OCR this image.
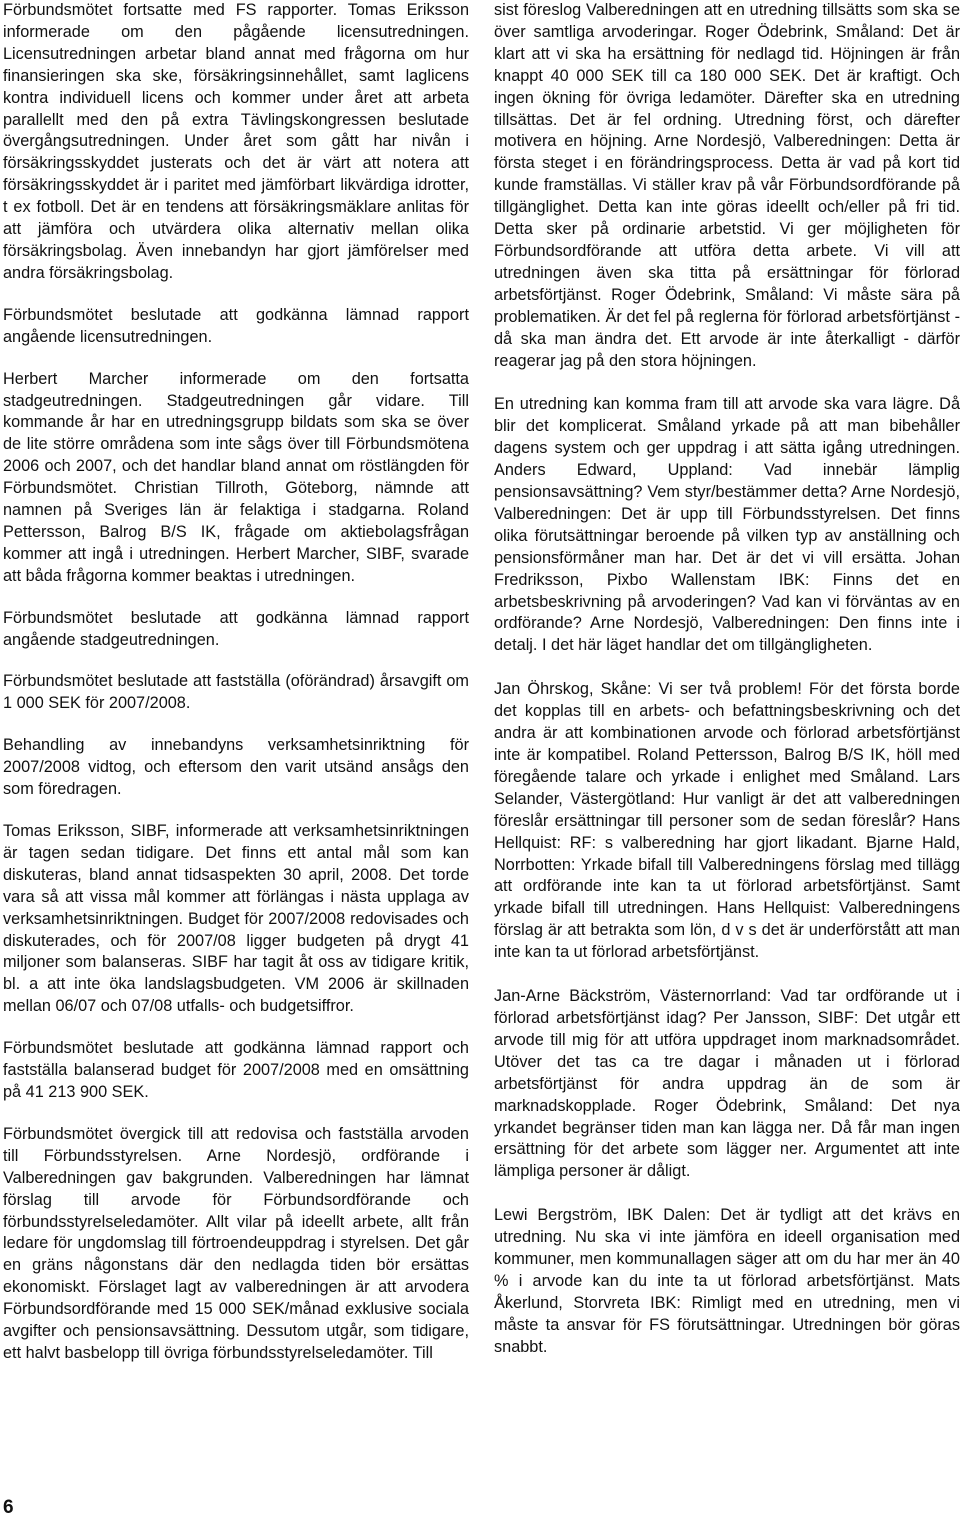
Förbundsmötet fortsatte med FS rapporter. Tomas Eriksson informerade om den pågående licensutredningen. Licensutredningen arbetar bland annat med frågorna om hur finansieringen ska ske, försäkringsinnehållet, samt laglicens kontra individuell licens och kommer under året att arbeta parallellt med den på extra Tävlingskongressen beslutade övergångsutredningen. Under året som gått har nivån i försäkringsskyddet justerats och det är värt att notera att försäkringsskyddet är i paritet med jämförbart likvärdiga idrotter, t ex fotboll. Det är en tendens att försäkringsmäklare anlitas för att jämföra och utvärdera olika alternativ mellan olika försäkringsbolag. Även innebandyn har gjort jämförelser med andra försäkringsbolag.

Förbundsmötet beslutade att godkänna lämnad rapport angående licensutredningen.

Herbert Marcher informerade om den fortsatta stadgeutredningen. Stadgeutredningen går vidare. Till kommande år har en utredningsgrupp bildats som ska se över de lite större områdena som inte sågs över till Förbundsmötena 2006 och 2007, och det handlar bland annat om röstlängden för Förbundsmötet. Christian Tillroth, Göteborg, nämnde att namnen på Sveriges län är felaktiga i stadgarna. Roland Pettersson, Balrog B/S IK, frågade om aktiebolagsfrågan kommer att ingå i utredningen. Herbert Marcher, SIBF, svarade att båda frågorna kommer beaktas i utredningen.

Förbundsmötet beslutade att godkänna lämnad rapport angående stadgeutredningen.

Förbundsmötet beslutade att fastställa (oförändrad) årsavgift om 1 000 SEK för 2007/2008.

Behandling av innebandyns verksamhetsinriktning för 2007/2008 vidtog, och eftersom den varit utsänd ansågs den som föredragen.

Tomas Eriksson, SIBF, informerade att verksamhetsinriktningen är tagen sedan tidigare. Det finns ett antal mål som kan diskuteras, bland annat tidsaspekten 30 april, 2008. Det torde vara så att vissa mål kommer att förlängas i nästa upplaga av verksamhetsinriktningen. Budget för 2007/2008 redovisades och diskuterades, och för 2007/08 ligger budgeten på drygt 41 miljoner som balanseras. SIBF har tagit åt oss av tidigare kritik, bl. a att inte öka landslagsbudgeten. VM 2006 är skillnaden mellan 06/07 och 07/08 utfalls- och budgetsiffror.

Förbundsmötet beslutade att godkänna lämnad rapport och fastställa balanserad budget för 2007/2008 med en omsättning på 41 213 900 SEK.

Förbundsmötet övergick till att redovisa och fastställa arvoden till Förbundsstyrelsen. Arne Nordesjö, ordförande i Valberedningen gav bakgrunden. Valberedningen har lämnat förslag till arvode för Förbundsordförande och förbundsstyrelseledamöter. Allt vilar på ideellt arbete, allt från ledare för ungdomslag till förtroendeuppdrag i styrelsen. Det går en gräns någonstans där den nedlagda tiden bör ersättas ekonomiskt. Förslaget lagt av valberedningen är att arvodera Förbundsordförande med 15 000 SEK/månad exklusive sociala avgifter och pensionsavsättning. Dessutom utgår, som tidigare, ett halvt basbelopp till övriga förbundsstyrelseledamöter. Till

sist föreslog Valberedningen att en utredning tillsätts som ska se över samtliga arvoderingar. Roger Ödebrink, Småland: Det är klart att vi ska ha ersättning för nedlagd tid. Höjningen är från knappt 40 000 SEK till ca 180 000 SEK. Det är kraftigt. Och ingen ökning för övriga ledamöter. Därefter ska en utredning tillsättas. Det är fel ordning. Utredning först, och därefter motivera en höjning. Arne Nordesjö, Valberedningen: Detta är första steget i en förändringsprocess. Detta är vad på kort tid kunde framställas. Vi ställer krav på vår Förbundsordförande på tillgänglighet. Detta kan inte göras ideellt och/eller på fri tid. Detta sker på ordinarie arbetstid. Vi ger möjligheten för Förbundsordförande att utföra detta arbete. Vi vill att utredningen även ska titta på ersättningar för förlorad arbetsförtjänst. Roger Ödebrink, Småland: Vi måste sära på problematiken. Är det fel på reglerna för förlorad arbetsförtjänst - då ska man ändra det. Ett arvode är inte återkalligt - därför reagerar jag på den stora höjningen.

En utredning kan komma fram till att arvode ska vara lägre. Då blir det komplicerat. Småland yrkade på att man bibehåller dagens system och ger uppdrag i att sätta igång utredningen. Anders Edward, Uppland: Vad innebär lämplig pensionsavsättning? Vem styr/bestämmer detta? Arne Nordesjö, Valberedningen: Det är upp till Förbundsstyrelsen. Det finns olika förutsättningar beroende på vilken typ av anställning och pensionsförmåner man har. Det är det vi vill ersätta. Johan Fredriksson, Pixbo Wallenstam IBK: Finns det en arbetsbeskrivning på arvoderingen? Vad kan vi förväntas av en ordförande? Arne Nordesjö, Valberedningen: Den finns inte i detalj. I det här läget handlar det om tillgängligheten.

Jan Öhrskog, Skåne: Vi ser två problem! För det första borde det kopplas till en arbets- och befattningsbeskrivning och det andra är att kombinationen arvode och förlorad arbetsförtjänst inte är kompatibel. Roland Pettersson, Balrog B/S IK, höll med föregående talare och yrkade i enlighet med Småland. Lars Selander, Västergötland: Hur vanligt är det att valberedningen föreslår ersättningar till personer som de sedan föreslår? Hans Hellquist: RF: s valberedning har gjort likadant. Bjarne Hald, Norrbotten: Yrkade bifall till Valberedningens förslag med tillägg att ordförande inte kan ta ut förlorad arbetsförtjänst. Samt yrkade bifall till utredningen. Hans Hellquist: Valberedningens förslag är att betrakta som lön, d v s det är underförstått att man inte kan ta ut förlorad arbetsförtjänst.

Jan-Arne Bäckström, Västernorrland: Vad tar ordförande ut i förlorad arbetsförtjänst idag? Per Jansson, SIBF: Det utgår ett arvode till mig för att utföra uppdraget inom marknadsområdet. Utöver det tas ca tre dagar i månaden ut i förlorad arbetsförtjänst för andra uppdrag än de som är marknadskopplade. Roger Ödebrink, Småland: Det nya yrkandet begränser tiden man kan lägga ner. Då får man ingen ersättning för det arbete som lägger ner. Argumentet att inte lämpliga personer är dåligt.

Lewi Bergström, IBK Dalen: Det är tydligt att det krävs en utredning. Nu ska vi inte jämföra en ideell organisation med kommuner, men kommunallagen säger att om du har mer än 40 % i arvode kan du inte ta ut förlorad arbetsförtjänst. Mats Åkerlund, Storvreta IBK: Rimligt med en utredning, men vi måste ta ansvar för FS förutsättningar. Utredningen bör göras snabbt.

6
